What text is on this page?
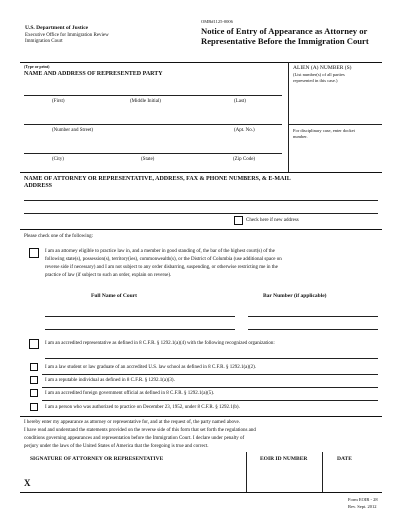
U.S. Department of Justice
Executive Office for Immigration Review
Immigration Court
OMB#1125-0006
Notice of Entry of Appearance as Attorney or
Representative Before the Immigration Court
(Type or print)
NAME AND ADDRESS OF REPRESENTED PARTY
(First)	(Middle Initial)	(Last)
(Number and Street)	(Apt. No.)
(City)	(State)	(Zip Code)
ALIEN (A) NUMBER (S)
(List number(s) of all parties
represented in this case.)
For disciplinary case, enter docket
number.
NAME OF ATTORNEY OR REPRESENTATIVE, ADDRESS, FAX & PHONE NUMBERS, & E-MAIL
ADDRESS
Check here if new address
Please check one of the following:
I am an attorney eligible to practice law in, and a member in good standing of, the bar of the highest court(s) of the
following state(s), possession(s), territory(ies), commonwealth(s), or the District of Columbia (use additional space on
reverse side if necessary) and I am not subject to any order disbarring, suspending, or otherwise restricting me in the
practice of law (if subject to such an order, explain on reverse).
Full Name of Court	Bar Number (if applicable)
I am an accredited representative as defined in 8 C.F.R. § 1292.1(a)(4) with the following recognized organization:
I am a law student or law graduate of an accredited U.S. law school as defined in 8 C.F.R. § 1292.1(a)(2).
I am a reputable individual as defined in 8 C.F.R. § 1292.1(a)(3).
I am an accredited foreign government official as defined in 8 C.F.R. § 1292.1(a)(5).
I am a person who was authorized to practice on December 23, 1952, under 8 C.F.R. § 1292.1(b).
I hereby enter my appearance as attorney or representative for, and at the request of, the party named above.
I have read and understand the statements provided on the reverse side of this form that set forth the regulations and
conditions governing appearances and representation before the Immigration Court. I declare under penalty of
perjury under the laws of the United States of America that the foregoing is true and correct.
SIGNATURE OF ATTORNEY OR REPRESENTATIVE	EOIR ID NUMBER	DATE
X
Form EOIR - 28
Rev. Sept. 2012
